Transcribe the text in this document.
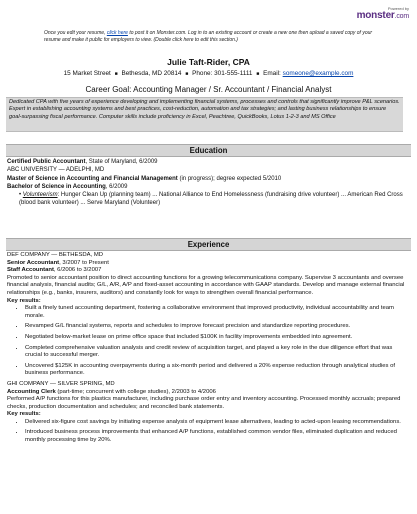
Powered by
monster.com
Once you edit your resume, click here to post it on Monster.com. Log in to an existing account or create a new one then upload a saved copy of your resume and make it public for employers to view. (Double click here to edit this section.)
Julie Taft-Rider, CPA
15 Market Street ■ Bethesda, MD 20814 ■ Phone: 301-555-1111 ■ Email: someone@example.com
Career Goal: Accounting Manager / Sr. Accountant / Financial Analyst
Dedicated CPA with five years of experience developing and implementing financial systems, processes and controls that significantly improve P&L scenarios. Expert in establishing accounting systems and best practices, cost-reduction, automation and tax strategies; and lasting business relationships to ensure goal-surpassing fiscal performance. Computer skills include proficiency in Excel, Peachtree, QuickBooks, Lotus 1-2-3 and MS Office
Education
Certified Public Accountant, State of Maryland, 6/2009
ABC UNIVERSITY — ADELPHI, MD
Master of Science in Accounting and Financial Management (in progress); degree expected 5/2010
Bachelor of Science in Accounting, 6/2009
• Volunteerism: Hunger Clean Up (planning team) ... National Alliance to End Homelessness (fundraising drive volunteer) ... American Red Cross (blood bank volunteer) ... Serve Maryland (Volunteer)
Experience
DEF COMPANY — BETHESDA, MD
Senior Accountant, 3/2007 to Present
Staff Accountant, 6/2006 to 3/2007
Promoted to senior accountant position to direct accounting functions for a growing telecommunications company. Supervise 3 accountants and oversee financial analysis, financial audits; G/L, A/R, A/P and fixed-asset accounting in accordance with GAAP standards. Develop and manage external financial relationships (e.g., banks, insurers, auditors) and constantly look for ways to strengthen overall financial performance.
Key results:
• Built a finely tuned accounting department, fostering a collaborative environment that improved productivity, individual accountability and team morale.
• Revamped G/L financial systems, reports and schedules to improve forecast precision and standardize reporting procedures.
• Negotiated below-market lease on prime office space that included $100K in facility improvements embedded into agreement.
• Completed comprehensive valuation analysis and credit review of acquisition target, and played a key role in the due diligence effort that was crucial to successful merger.
• Uncovered $125K in accounting overpayments during a six-month period and delivered a 20% expense reduction through analytical studies of business performance.
GHI COMPANY — SILVER SPRING, MD
Accounting Clerk (part-time; concurrent with college studies), 2/2003 to 4/2006
Performed A/P functions for this plastics manufacturer, including purchase order entry and inventory accounting. Processed monthly accruals; prepared checks, production documentation and schedules; and reconciled bank statements.
Key results:
• Delivered six-figure cost savings by initiating expense analysis of equipment lease alternatives, leading to acted-upon leasing recommendations.
• Introduced business process improvements that enhanced A/P functions, established common vendor files, eliminated duplication and reduced monthly processing time by 20%.
